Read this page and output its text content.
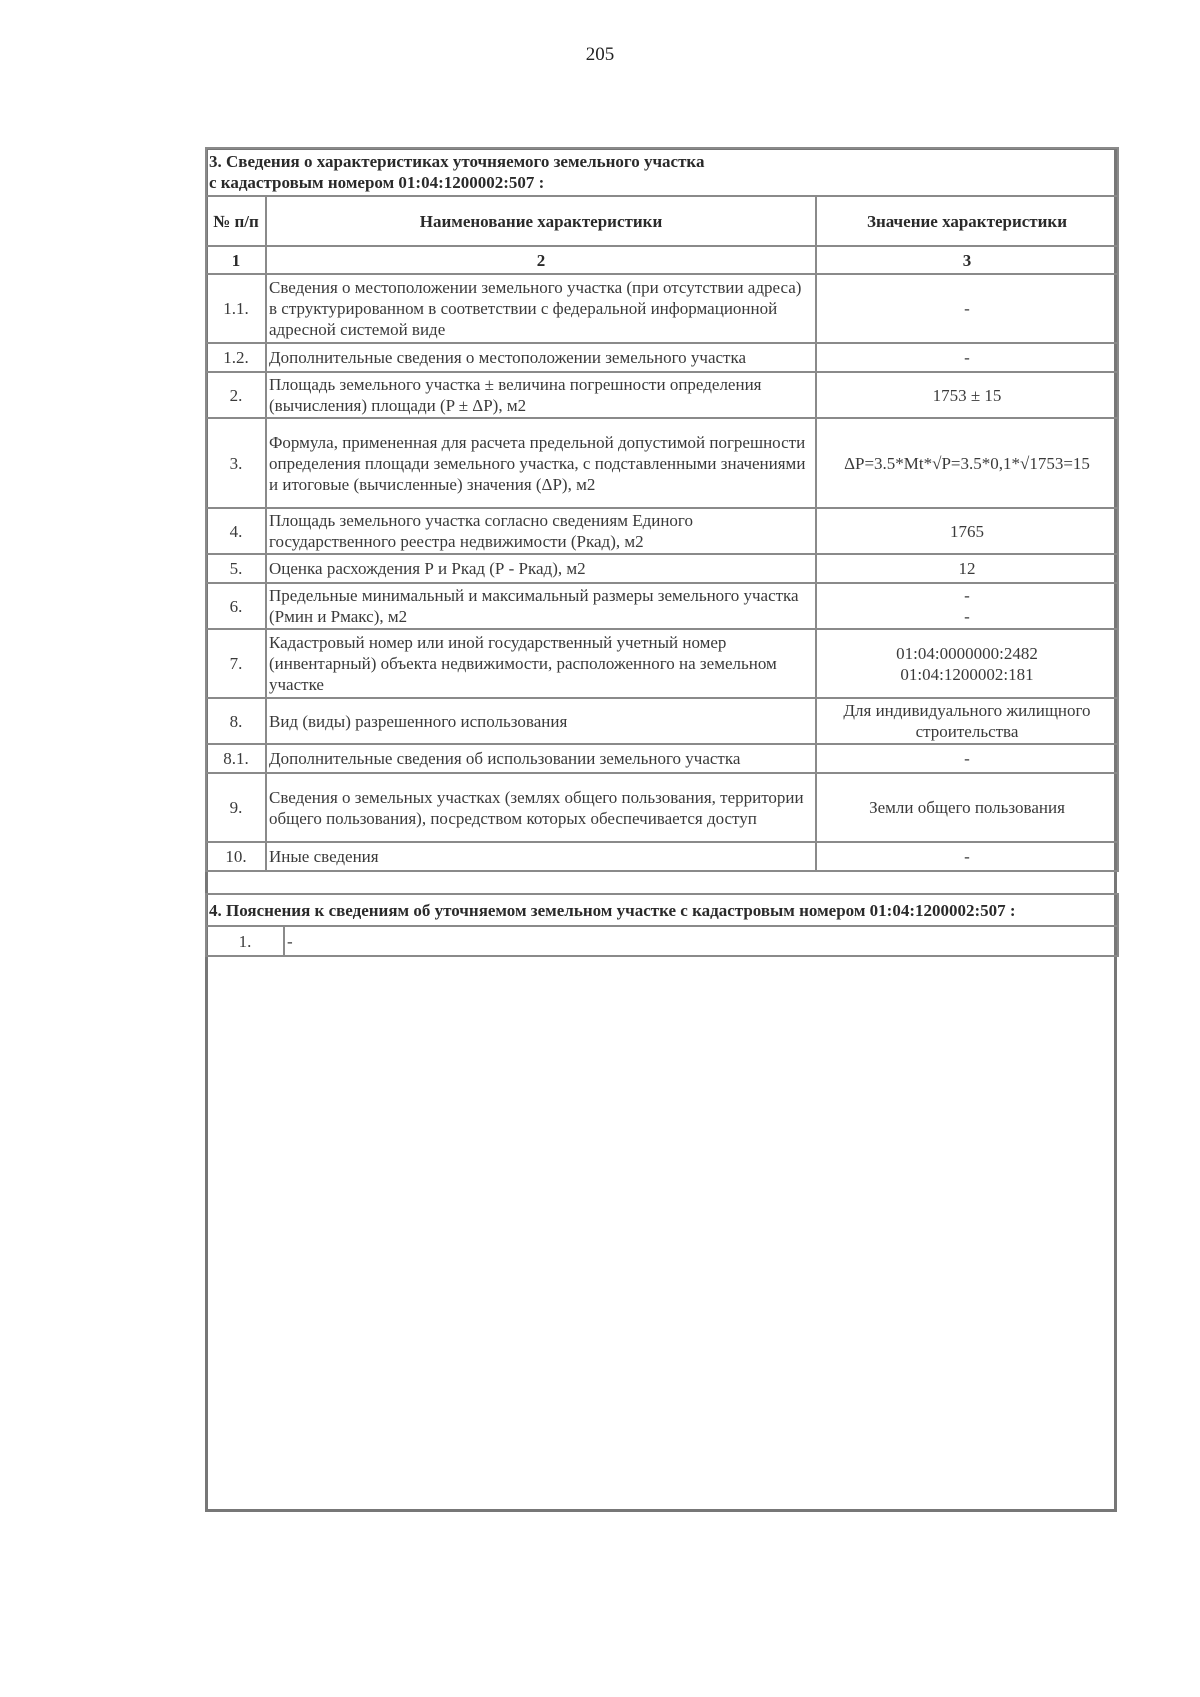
205
3. Сведения о характеристиках уточняемого земельного участка
с кадастровым номером 01:04:1200002:507 :		
№ п/п	Наименование характеристики	Значение характеристики
1	2	3
1.1.	Сведения о местоположении земельного участка (при отсутствии адреса) в структурированном в соответствии с федеральной информационной адресной системой виде	-
1.2.	Дополнительные сведения о местоположении земельного участка	-
2.	Площадь земельного участка ± величина погрешности определения (вычисления) площади (P ± ΔP), м2	1753 ± 15
3.	Формула, примененная для расчета предельной допустимой погрешности определения площади земельного участка, с подставленными значениями и итоговые (вычисленные) значения (ΔP), м2	ΔP=3.5*Mt*√P=3.5*0,1*√1753=15
4.	Площадь земельного участка согласно сведениям Единого государственного реестра недвижимости (Ркад), м2	1765
5.	Оценка расхождения Р и Ркад (Р - Ркад), м2	12
6.	Предельные минимальный и максимальный размеры земельного участка (Рмин и Рмакс), м2	-
-
7.	Кадастровый номер или иной государственный учетный номер (инвентарный) объекта недвижимости, расположенного на земельном участке	01:04:0000000:2482
01:04:1200002:181
8.	Вид (виды) разрешенного использования	Для индивидуального жилищного строительства
8.1.	Дополнительные сведения об использовании земельного участка	-
9.	Сведения о земельных участках (землях общего пользования, территории общего пользования), посредством которых обеспечивается доступ	Земли общего пользования
10.	Иные сведения	-
4. Пояснения к сведениям об уточняемом земельном участке с кадастровым номером 01:04:1200002:507 :
1.	-
